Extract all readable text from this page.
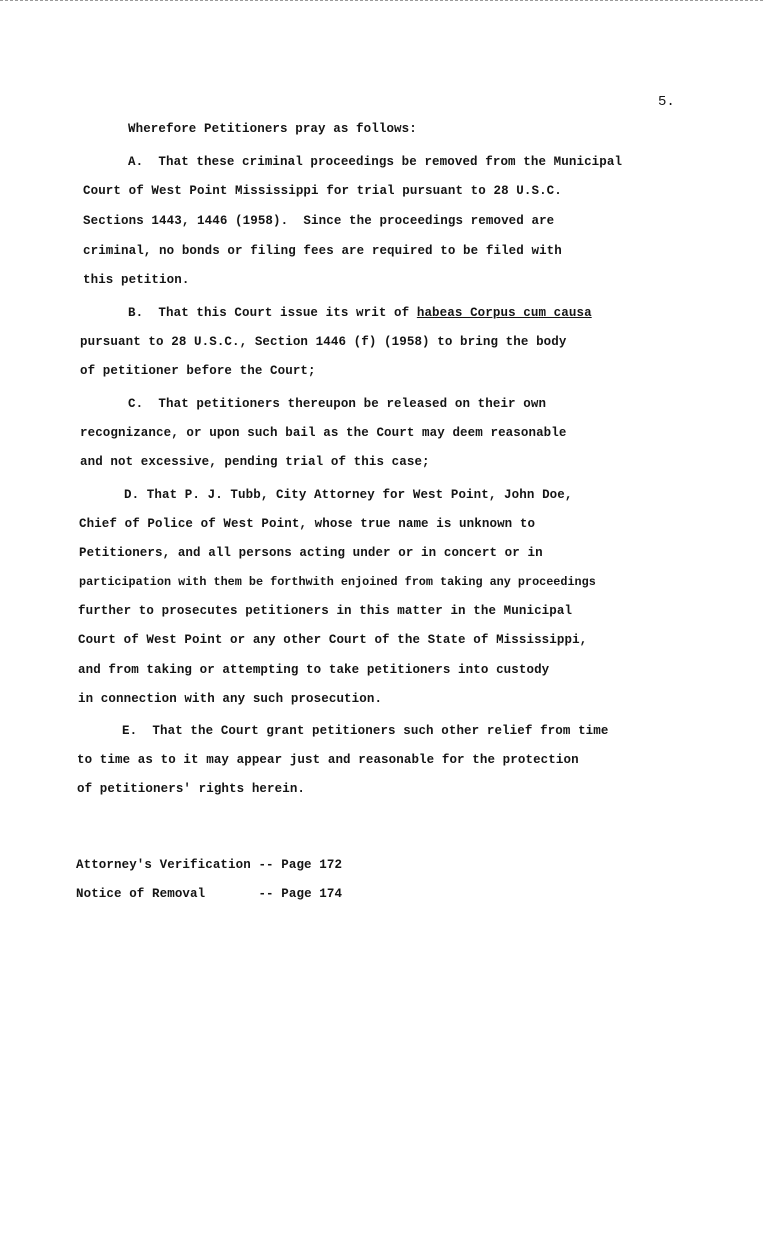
5.
Wherefore Petitioners pray as follows:
A.  That these criminal proceedings be removed from the Municipal
Court of West Point Mississippi for trial pursuant to 28 U.S.C.
Sections 1443, 1446 (1958).  Since the proceedings removed are
criminal, no bonds or filing fees are required to be filed with
this petition.
B.  That this Court issue its writ of habeas Corpus cum causa
pursuant to 28 U.S.C., Section 1446 (f) (1958) to bring the body
of petitioner before the Court;
C.  That petitioners thereupon be released on their own
recognizance, or upon such bail as the Court may deem reasonable
and not excessive, pending trial of this case;
D. That P. J. Tubb, City Attorney for West Point, John Doe,
Chief of Police of West Point, whose true name is unknown to
Petitioners, and all persons acting under or in concert or in
participation with them be forthwith enjoined from taking any proceedings
further to prosecutes petitioners in this matter in the Municipal
Court of West Point or any other Court of the State of Mississippi,
and from taking or attempting to take petitioners into custody
in connection with any such prosecution.
E.  That the Court grant petitioners such other relief from time
to time as to it may appear just and reasonable for the protection
of petitioners' rights herein.
Attorney's Verification -- Page 172
Notice of Removal	-- Page 174
